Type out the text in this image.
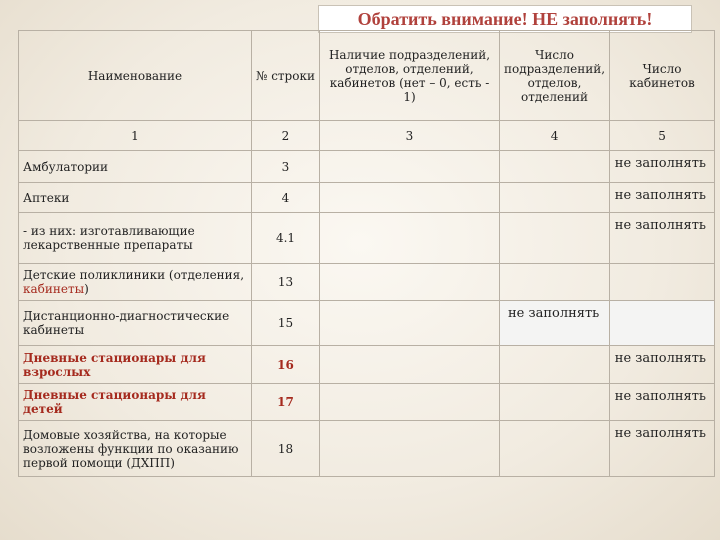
Обратить внимание! НЕ заполнять!
Наименование	№ строки	Наличие подразделений, отделов, отделений, кабинетов (нет – 0, есть - 1)	Число подразделений, отделов, отделений	Число кабинетов
1	2	3	4	5
Амбулатории	3			не заполнять
Аптеки	4			не заполнять
- из них: изготавливающие лекарственные препараты	4.1			не заполнять
Детские поликлиники (отделения, кабинеты)	13			
Дистанционно-диагностические кабинеты	15		не заполнять	
Дневные стационары для взрослых	16			не заполнять
Дневные стационары для детей	17			не заполнять
Домовые хозяйства, на которые возложены функции по оказанию первой помощи (ДХПП)	18			не заполнять
